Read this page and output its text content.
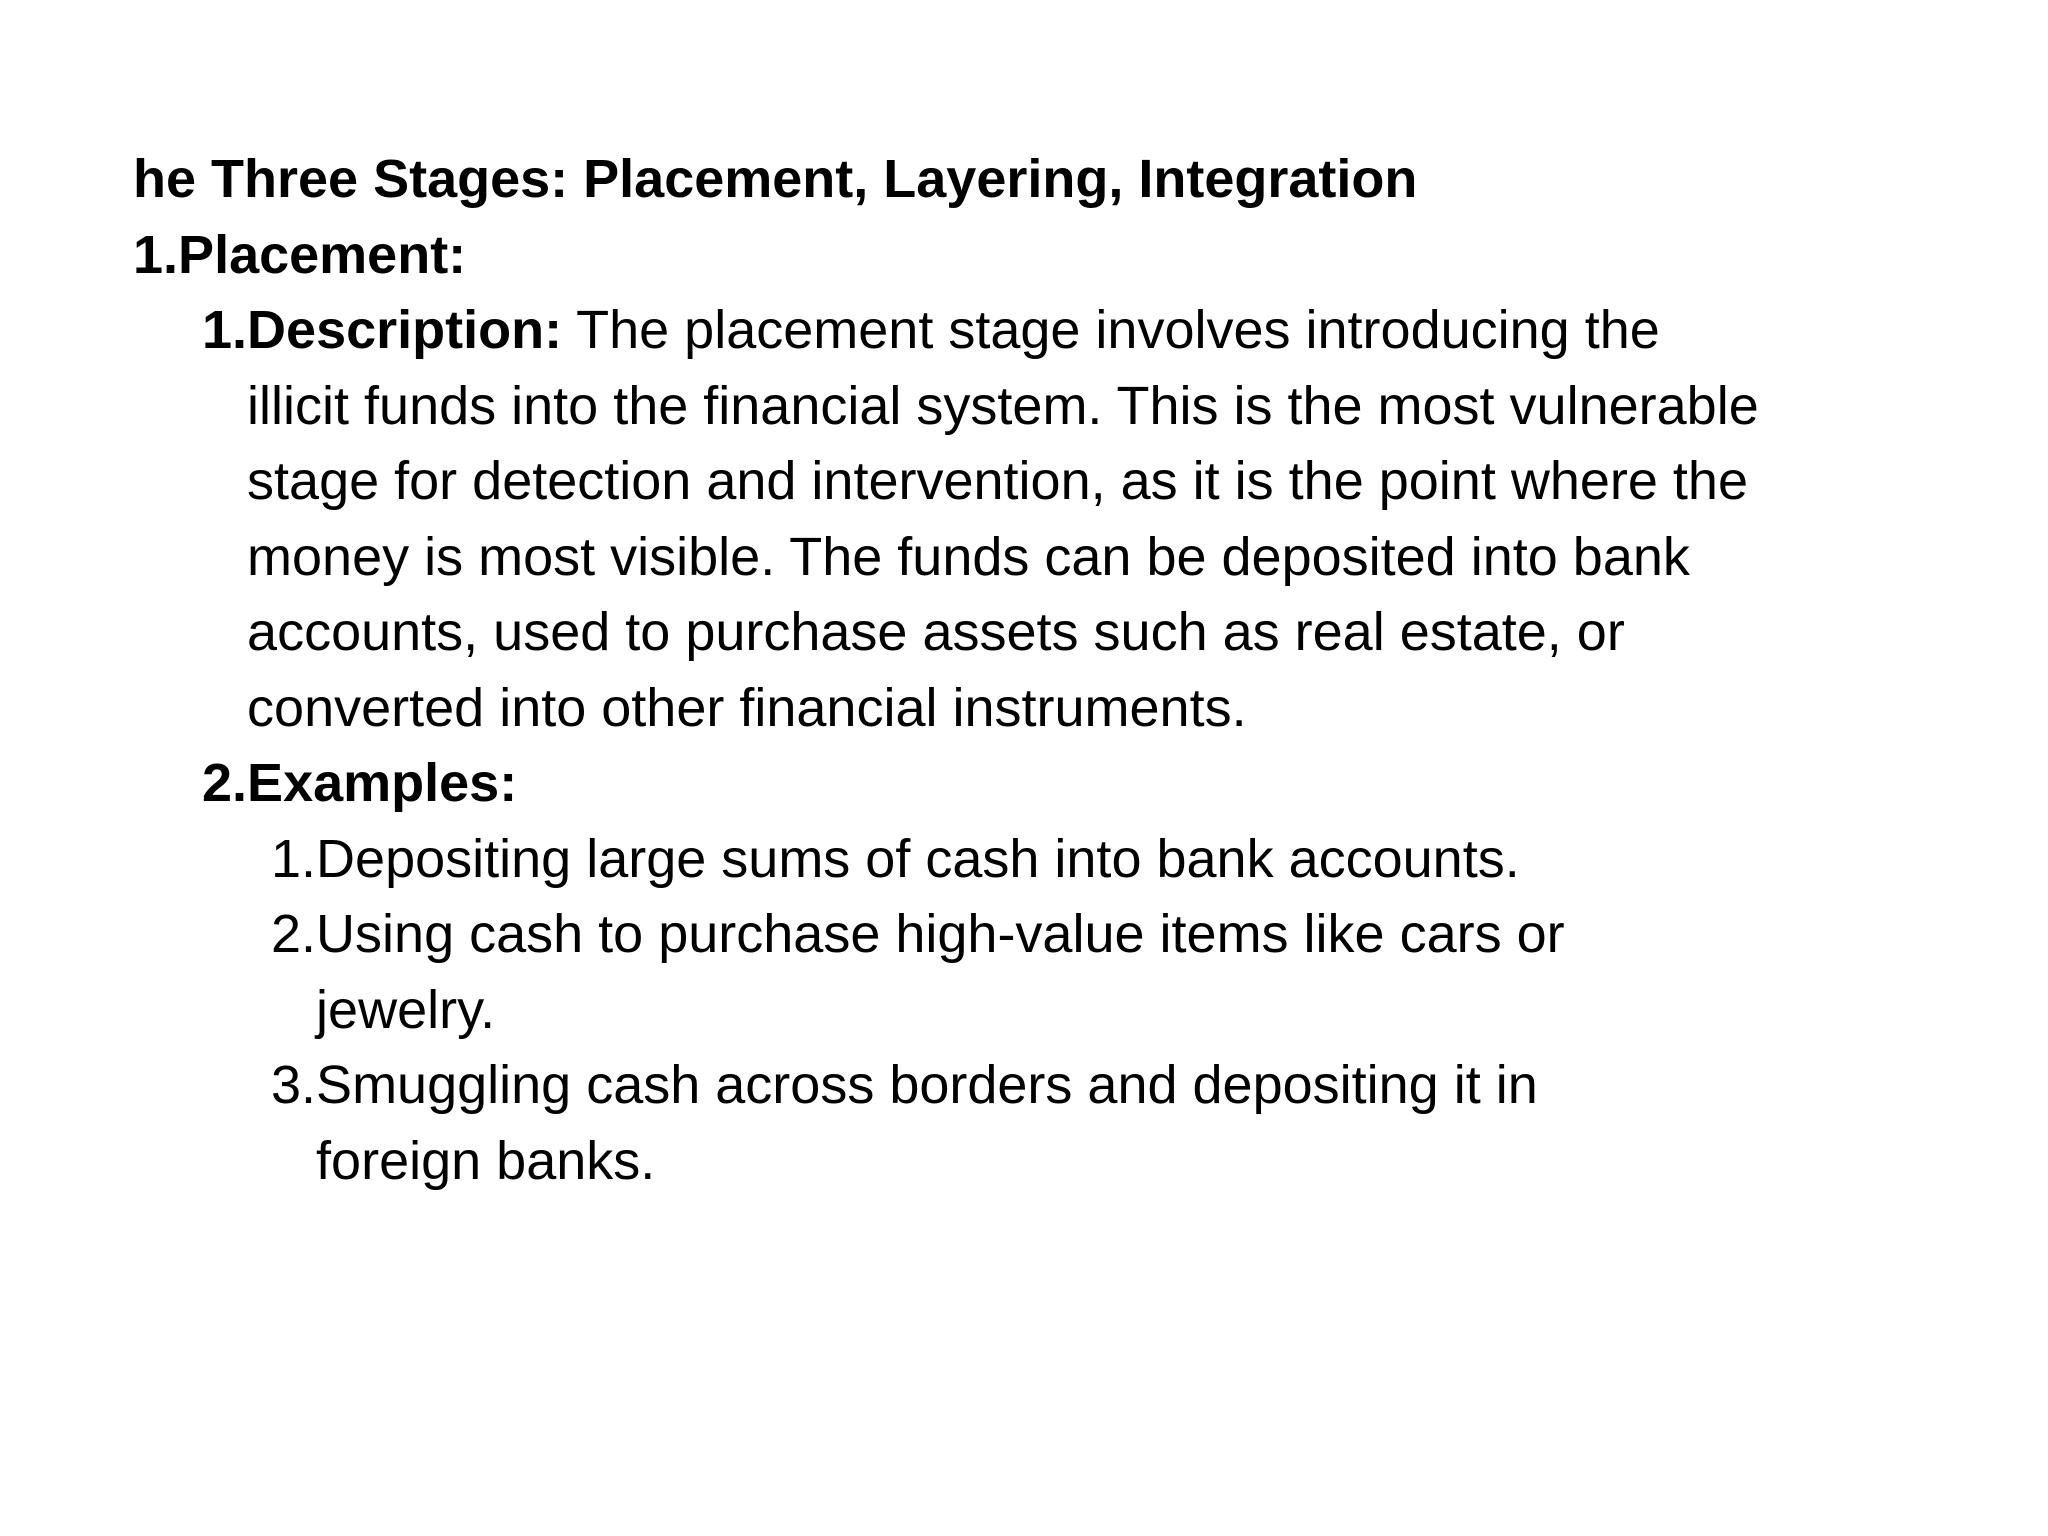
he Three Stages: Placement, Layering, Integration
1. Placement:
1. Description: The placement stage involves introducing the illicit funds into the financial system. This is the most vulnerable stage for detection and intervention, as it is the point where the money is most visible. The funds can be deposited into bank accounts, used to purchase assets such as real estate, or converted into other financial instruments.
2. Examples:
1. Depositing large sums of cash into bank accounts.
2. Using cash to purchase high-value items like cars or jewelry.
3. Smuggling cash across borders and depositing it in foreign banks.
